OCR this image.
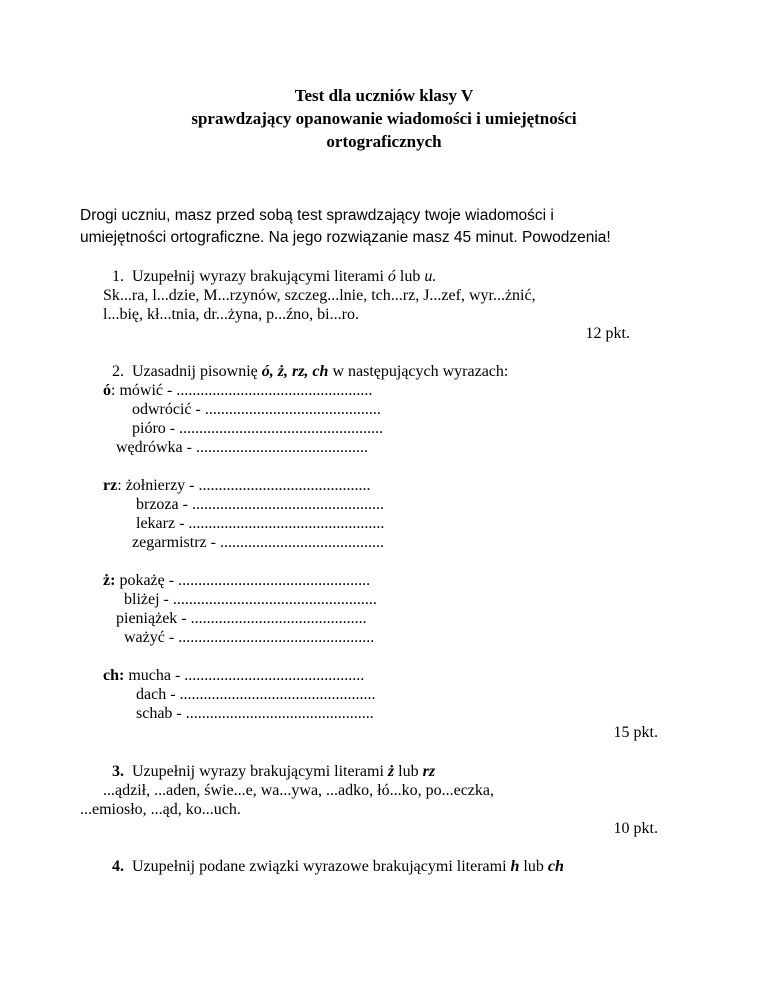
Test dla uczniów klasy V
sprawdzający opanowanie wiadomości i umiejętności
ortograficznych
Drogi uczniu, masz przed sobą test sprawdzający twoje wiadomości i
umiejętności ortograficzne. Na jego rozwiązanie masz 45 minut. Powodzenia!
1. Uzupełnij wyrazy brakującymi literami ó lub u.
Sk...ra, l...dzie, M...rzynów, szczeg...lnie, tch...rz, J...zef, wyr...żnić,
l...bię, kł...tnia, dr...żyna, p...źno, bi...ro.
12 pkt.
2. Uzasadnij pisownię ó, ż, rz, ch w następujących wyrazach:
ó: mówić - .................................................
odwrócić - ............................................
pióro - ...................................................
wędrówka - ...........................................
rz: żołnierzy - ...........................................
brzoza - ................................................
lekarz - .................................................
zegarmistrz - .........................................
ż: pokażę - ................................................
bliżej - ...................................................
pieniążek - ............................................
ważyć - .................................................
ch: mucha - .............................................
dach - .................................................
schab - ...............................................
15 pkt.
3. Uzupełnij wyrazy brakującymi literami ż lub rz
...ądził, ...aden, świe...e, wa...ywa, ...adko, łó...ko, po...eczka,
...emiosło, ...ąd, ko...uch.
10 pkt.
4. Uzupełnij podane związki wyrazowe brakującymi literami h lub ch
